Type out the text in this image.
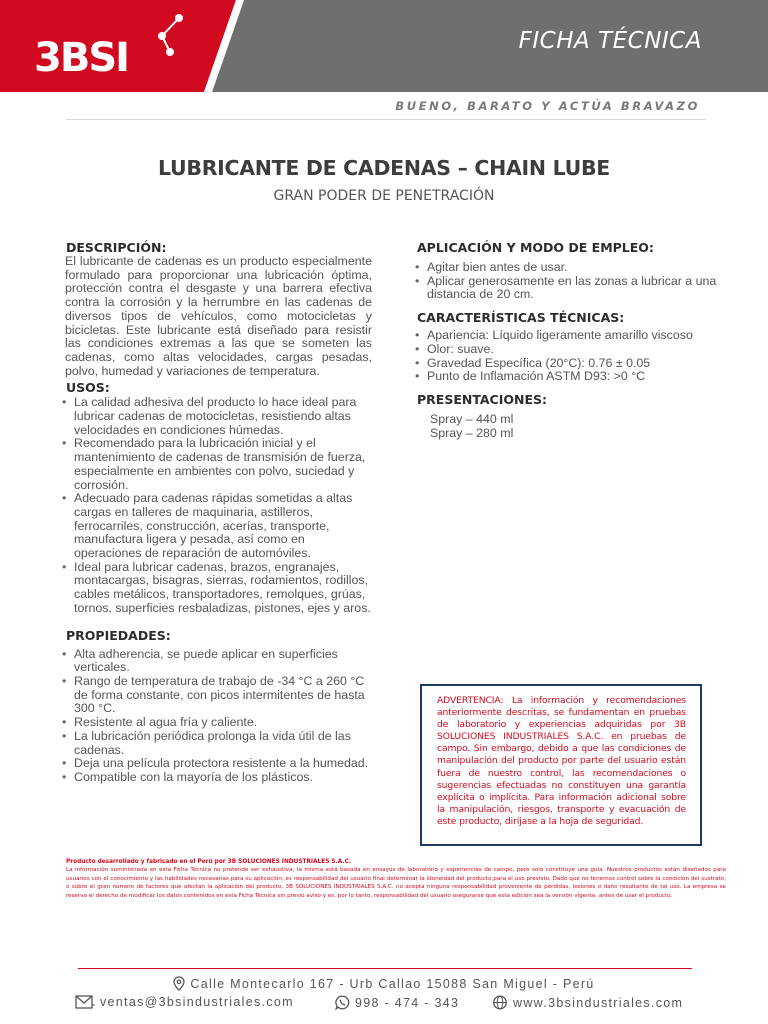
3BSI	FICHA TÉCNICA
BUENO, BARATO Y ACTÚA BRAVAZO
LUBRICANTE DE CADENAS – CHAIN LUBE
GRAN PODER DE PENETRACIÓN
DESCRIPCIÓN:

El lubricante de cadenas es un producto especialmente formulado para proporcionar una lubricación óptima, protección contra el desgaste y una barrera efectiva contra la corrosión y la herrumbre en las cadenas de diversos tipos de vehículos, como motocicletas y bicicletas. Este lubricante está diseñado para resistir las condiciones extremas a las que se someten las cadenas, como altas velocidades, cargas pesadas, polvo, humedad y variaciones de temperatura.

USOS:
• La calidad adhesiva del producto lo hace ideal para lubricar cadenas de motocicletas, resistiendo altas velocidades en condiciones húmedas.
• Recomendado para la lubricación inicial y el mantenimiento de cadenas de transmisión de fuerza, especialmente en ambientes con polvo, suciedad y corrosión.
• Adecuado para cadenas rápidas sometidas a altas cargas en talleres de maquinaria, astilleros, ferrocarriles, construcción, acerías, transporte, manufactura ligera y pesada, así como en operaciones de reparación de automóviles.
• Ideal para lubricar cadenas, brazos, engranajes, montacargas, bisagras, sierras, rodamientos, rodillos, cables metálicos, transportadores, remolques, grúas, tornos, superficies resbaladizas, pistones, ejes y aros.
PROPIEDADES:
• Alta adherencia, se puede aplicar en superficies verticales.
• Rango de temperatura de trabajo de -34 °C a 260 °C de forma constante, con picos intermitentes de hasta 300 °C.
• Resistente al agua fría y caliente.
• La lubricación periódica prolonga la vida útil de las cadenas.
• Deja una película protectora resistente a la humedad.
• Compatible con la mayoría de los plásticos.
APLICACIÓN Y MODO DE EMPLEO:
• Agitar bien antes de usar.
• Aplicar generosamente en las zonas a lubricar a una distancia de 20 cm.
CARACTERÍSTICAS TÉCNICAS:
• Apariencia: Líquido ligeramente amarillo viscoso
• Olor: suave.
• Gravedad Específica (20°C): 0.76 ± 0.05
• Punto de Inflamación ASTM D93: >0 °C
PRESENTACIONES:
Spray – 440 ml
Spray – 280 ml

ADVERTENCIA: La información y recomendaciones anteriormente descritas, se fundamentan en pruebas de laboratorio y experiencias adquiridas por 3B SOLUCIONES INDUSTRIALES S.A.C. en pruebas de campo. Sin embargo, debido a que las condiciones de manipulación del producto por parte del usuario están fuera de nuestro control, las recomendaciones o sugerencias efectuadas no constituyen una garantía explícita o implícita. Para información adicional sobre la manipulación, riesgos, transporte y evacuación de este producto, diríjase a la hoja de seguridad.

Producto desarrollado y fabricado en el Perú por 3B SOLUCIONES INDUSTRIALES S.A.C.
La información suministrada en esta Ficha Técnica no pretende ser exhaustiva; la misma está basada en ensayos de laboratorio y experiencias de campo, pero solo constituye una guía. Nuestros productos están diseñados para usuarios con el conocimiento y las habilidades necesarias para su aplicación; es responsabilidad del usuario final determinar la idoneidad del producto para el uso previsto. Dado que no tenemos control sobre la condición del sustrato, o sobre el gran número de factores que afectan la aplicación del producto, 3B SOLUCIONES INDUSTRIALES S.A.C. no acepta ninguna responsabilidad proveniente de pérdidas, lesiones o daño resultante de tal uso. La empresa se reserva el derecho de modificar los datos contenidos en esta Ficha Técnica sin previo aviso y es, por lo tanto, responsabilidad del usuario asegurarse que esta edición sea la versión vigente, antes de usar el producto.
Calle Montecarlo 167 - Urb Callao 15088 San Miguel - Perú
ventas@3bsindustriales.com	998 - 474 - 343	www.3bsindustriales.com
